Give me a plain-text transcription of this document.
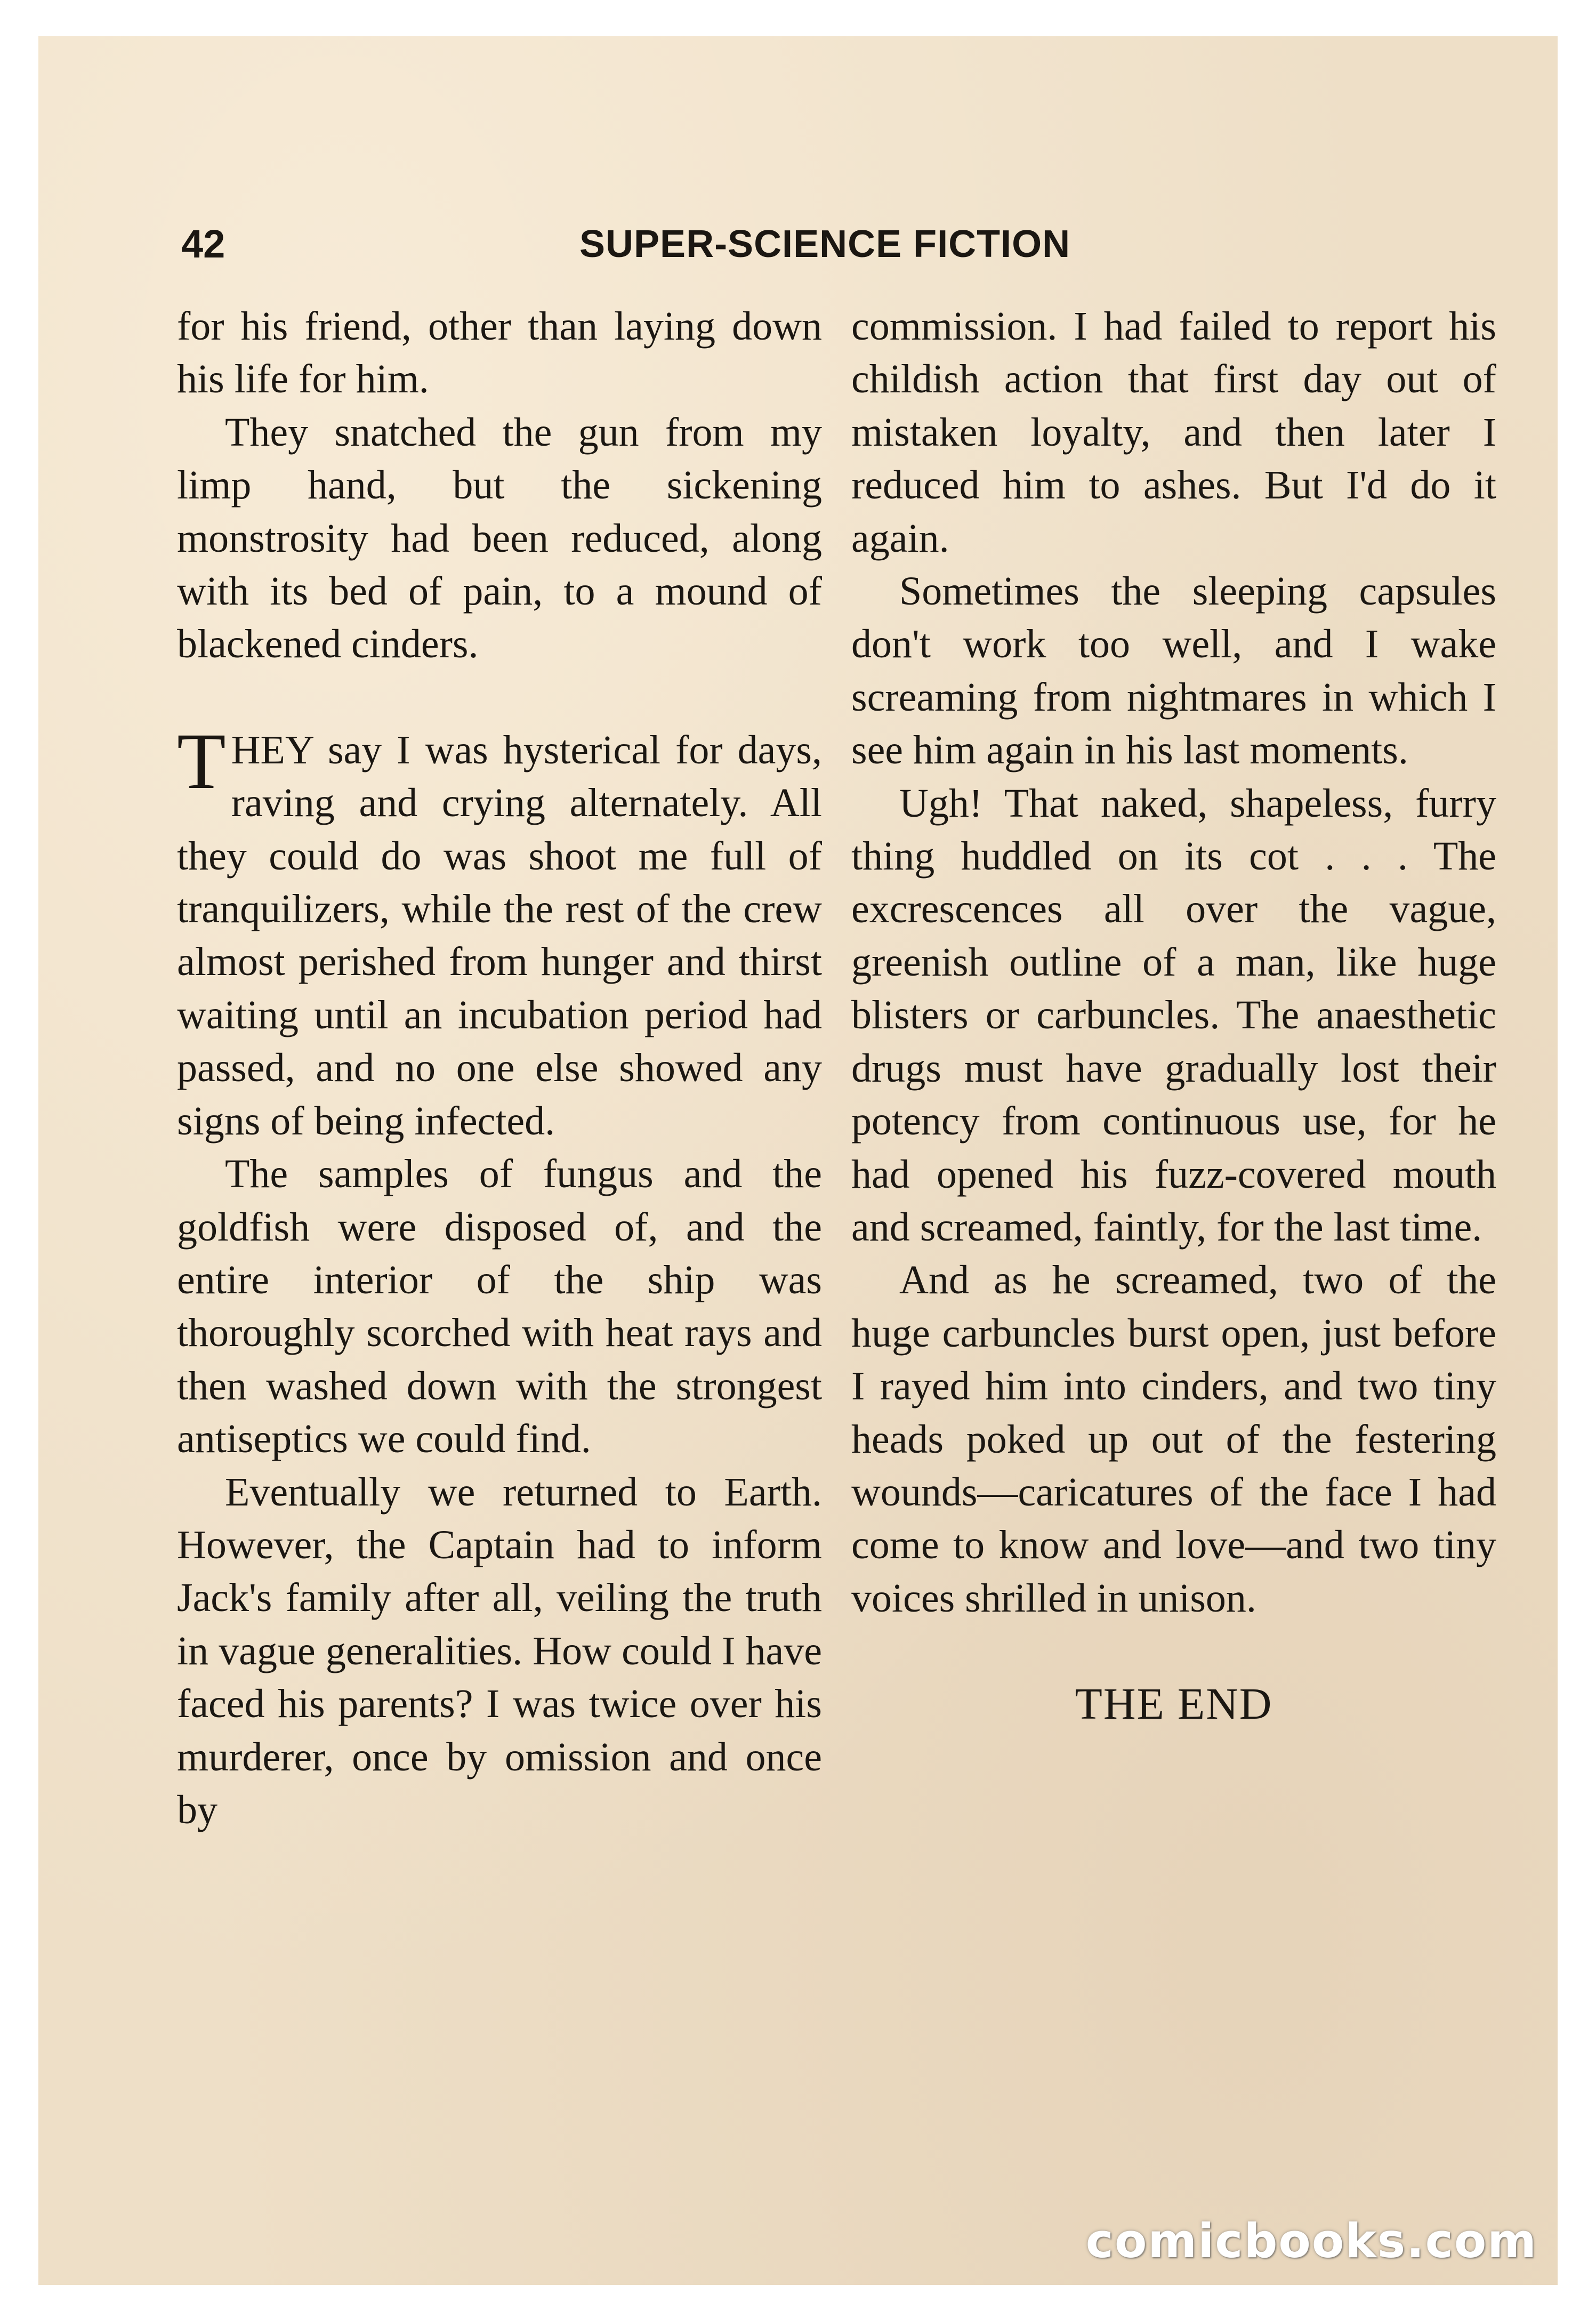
42	SUPER-SCIENCE FICTION

for his friend, other than laying down his life for him.

They snatched the gun from my limp hand, but the sickening monstrosity had been reduced, along with its bed of pain, to a mound of blackened cinders.

T HEY say I was hysterical for days, raving and crying alternately. All they could do was shoot me full of tranquilizers, while the rest of the crew almost perished from hunger and thirst waiting until an incubation period had passed, and no one else showed any signs of being infected.

The samples of fungus and the goldfish were disposed of, and the entire interior of the ship was thoroughly scorched with heat rays and then washed down with the strongest antiseptics we could find.

Eventually we returned to Earth. However, the Captain had to inform Jack's family after all, veiling the truth in vague generalities. How could I have faced his parents? I was twice over his murderer, once by omission and once by

commission. I had failed to report his childish action that first day out of mistaken loyalty, and then later I reduced him to ashes. But I'd do it again.

Sometimes the sleeping capsules don't work too well, and I wake screaming from nightmares in which I see him again in his last moments.

Ugh! That naked, shapeless, furry thing huddled on its cot . . . The excrescences all over the vague, greenish outline of a man, like huge blisters or carbuncles. The anaesthetic drugs must have gradually lost their potency from continuous use, for he had opened his fuzz-covered mouth and screamed, faintly, for the last time.

And as he screamed, two of the huge carbuncles burst open, just before I rayed him into cinders, and two tiny heads poked up out of the festering wounds—caricatures of the face I had come to know and love—and two tiny voices shrilled in unison.

THE END

comicbooks.com
